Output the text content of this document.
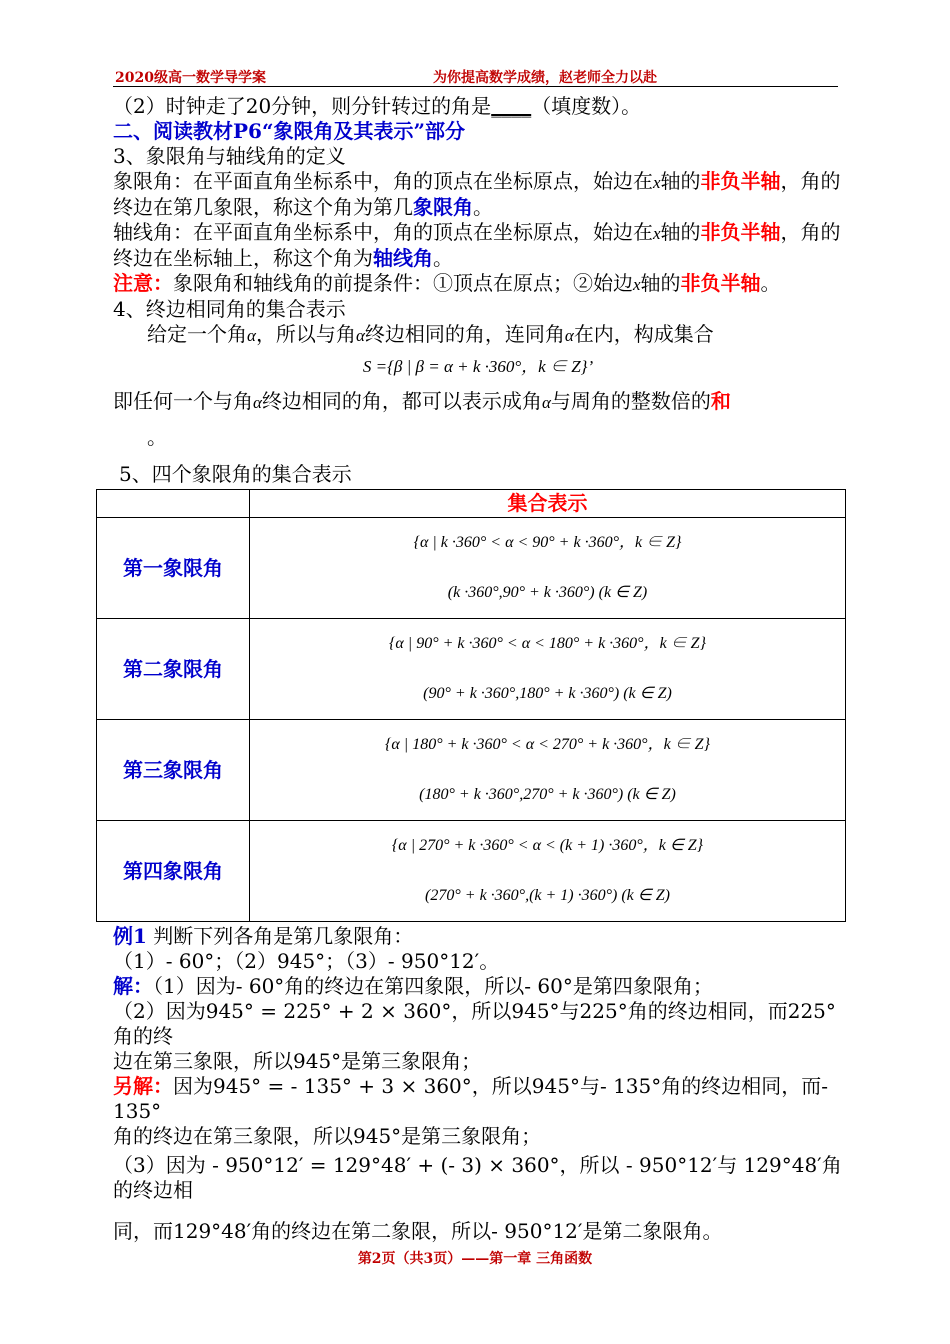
2020级高一数学导学案	为你提高数学成绩，赵老师全力以赴

（2）时钟走了20分钟，则分针转过的角是____（填度数）。

二、阅读教材P6“象限角及其表示”部分

3、象限角与轴线角的定义

象限角：在平面直角坐标系中，角的顶点在坐标原点，始边在x轴的非负半轴，角的终边在第几象限，称这个角为第几象限角。

轴线角：在平面直角坐标系中，角的顶点在坐标原点，始边在x轴的非负半轴，角的终边在坐标轴上，称这个角为轴线角。

注意：象限角和轴线角的前提条件：①顶点在原点；②始边x轴的非负半轴。

4、终边相同角的集合表示

给定一个角α，所以与角α终边相同的角，连同角α在内，构成集合

S ={β | β = α + k ·360°，k ∈ Z}’

即任何一个与角α终边相同的角，都可以表示成角α与周角的整数倍的和

。

5、四个象限角的集合表示

	集合表示
第一象限角	{α | k ·360° < α < 90° + k ·360°，k ∈ Z}
(k ·360°,90° + k ·360°) (k ∈ Z)

第二象限角	{α | 90° + k ·360° < α < 180° + k ·360°，k ∈ Z}
(90° + k ·360°,180° + k ·360°) (k ∈ Z)

第三象限角	{α | 180° + k ·360° < α < 270° + k ·360°，k ∈ Z}
(180° + k ·360°,270° + k ·360°) (k ∈ Z)

第四象限角	{α | 270° + k ·360° < α < (k + 1) ·360°，k ∈ Z}
(270° + k ·360°,(k + 1) ·360°) (k ∈ Z)

例1 判断下列各角是第几象限角：

（1）- 60°；（2）945°；（3）- 950°12′。

解：（1）因为- 60°角的终边在第四象限，所以- 60°是第四象限角；

（2）因为945° = 225° + 2 × 360°，所以945°与225°角的终边相同，而225°角的终

边在第三象限，所以945°是第三象限角；

另解：因为945° = - 135° + 3 × 360°，所以945°与- 135°角的终边相同，而- 135°

角的终边在第三象限，所以945°是第三象限角；

（3）因为 - 950°12′ = 129°48′ + (- 3) × 360°，所以 - 950°12′与 129°48′角的终边相

同，而129°48′角的终边在第二象限，所以- 950°12′是第二象限角。

第2页（共3页）——第一章 三角函数
